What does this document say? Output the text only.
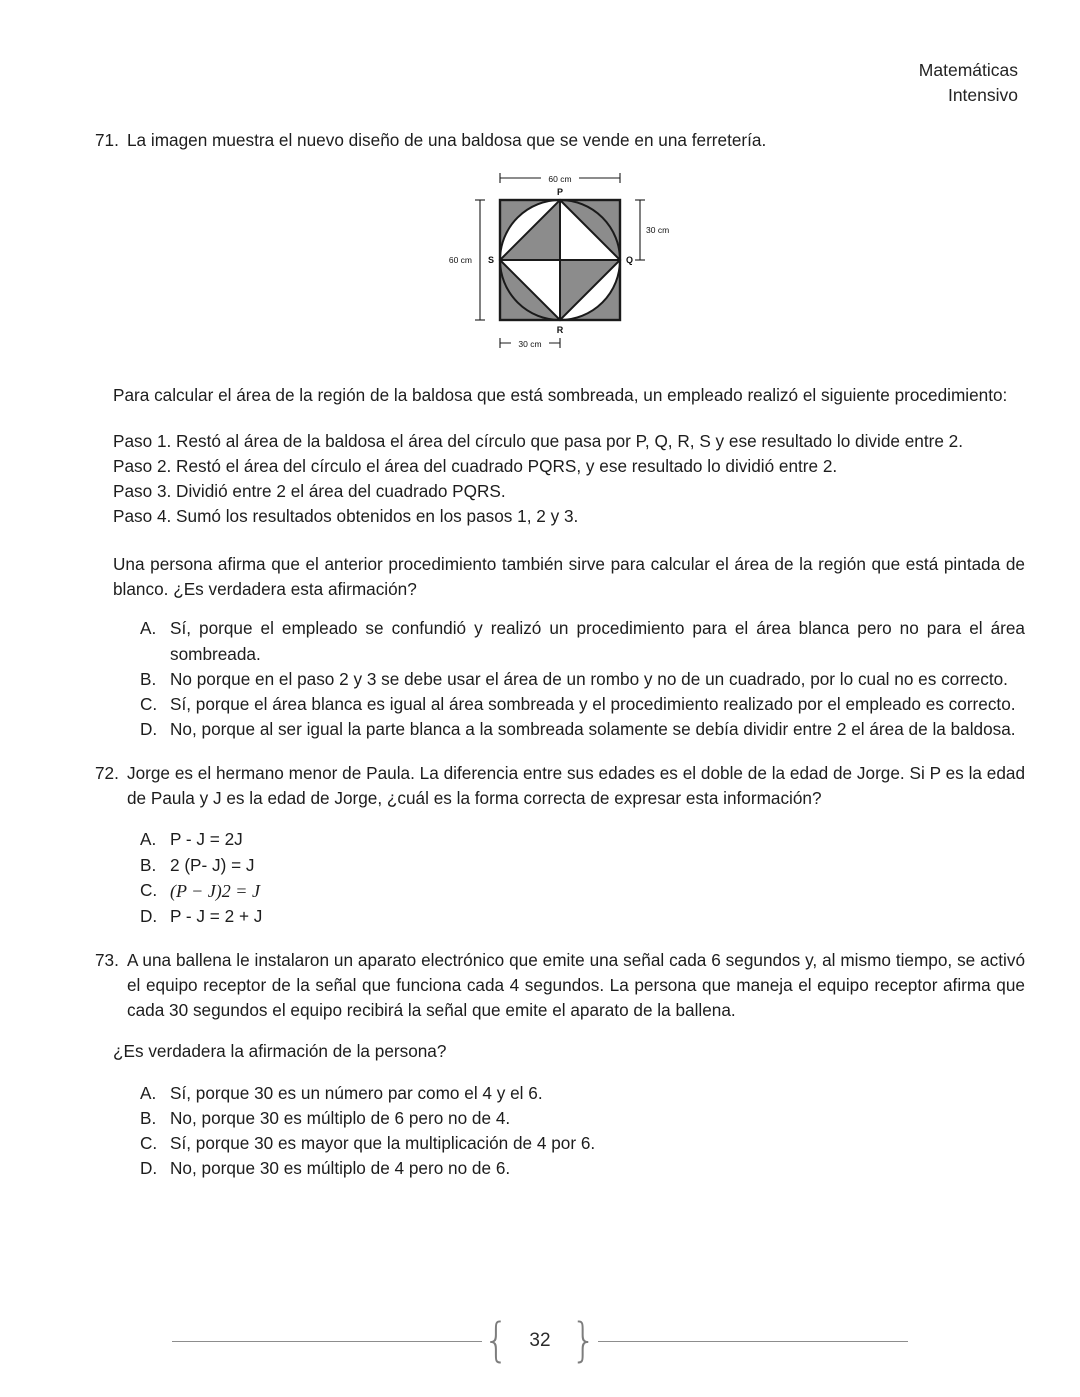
Matemáticas
Intensivo
71. La imagen muestra el nuevo diseño de una baldosa que se vende en una ferretería.
P
Q
R
S
60 cm
60 cm
30 cm
30 cm
Para calcular el área de la región de la baldosa que está sombreada, un empleado realizó el siguiente procedimiento:
Paso 1. Restó al área de la baldosa el área del círculo que pasa por P, Q, R, S y ese resultado lo divide entre 2.
Paso 2. Restó el área del círculo el área del cuadrado PQRS, y ese resultado lo dividió entre 2.
Paso 3. Dividió entre 2 el área del cuadrado PQRS.
Paso 4. Sumó los resultados obtenidos en los pasos 1, 2 y 3.
Una persona afirma que el anterior procedimiento también sirve para calcular el área de la región que está pintada de blanco. ¿Es verdadera esta afirmación?
A. Sí, porque el empleado se confundió y realizó un procedimiento para el área blanca pero no para el área sombreada.
B. No porque en el paso 2 y 3 se debe usar el área de un rombo y no de un cuadrado, por lo cual no es correcto.
C. Sí, porque el área blanca es igual al área sombreada y el procedimiento realizado por el empleado es correcto.
D. No, porque al ser igual la parte blanca a la sombreada solamente se debía dividir entre 2 el área de la baldosa.
72. Jorge es el hermano menor de Paula. La diferencia entre sus edades es el doble de la edad de Jorge. Si P es la edad de Paula y J es la edad de Jorge, ¿cuál es la forma correcta de expresar esta información?
A. P - J = 2J
B. 2 (P- J) = J
C. (P − J)2 = J
D. P - J = 2 + J
73. A una ballena le instalaron un aparato electrónico que emite una señal cada 6 segundos y, al mismo tiempo, se activó el equipo receptor de la señal que funciona cada 4 segundos. La persona que maneja el equipo receptor afirma que cada 30 segundos el equipo recibirá la señal que emite el aparato de la ballena.
¿Es verdadera la afirmación de la persona?
A. Sí, porque 30 es un número par como el 4 y el 6.
B. No, porque 30 es múltiplo de 6 pero no de 4.
C. Sí, porque 30 es mayor que la multiplicación de 4 por 6.
D. No, porque 30 es múltiplo de 4 pero no de 6.
{	32 }
